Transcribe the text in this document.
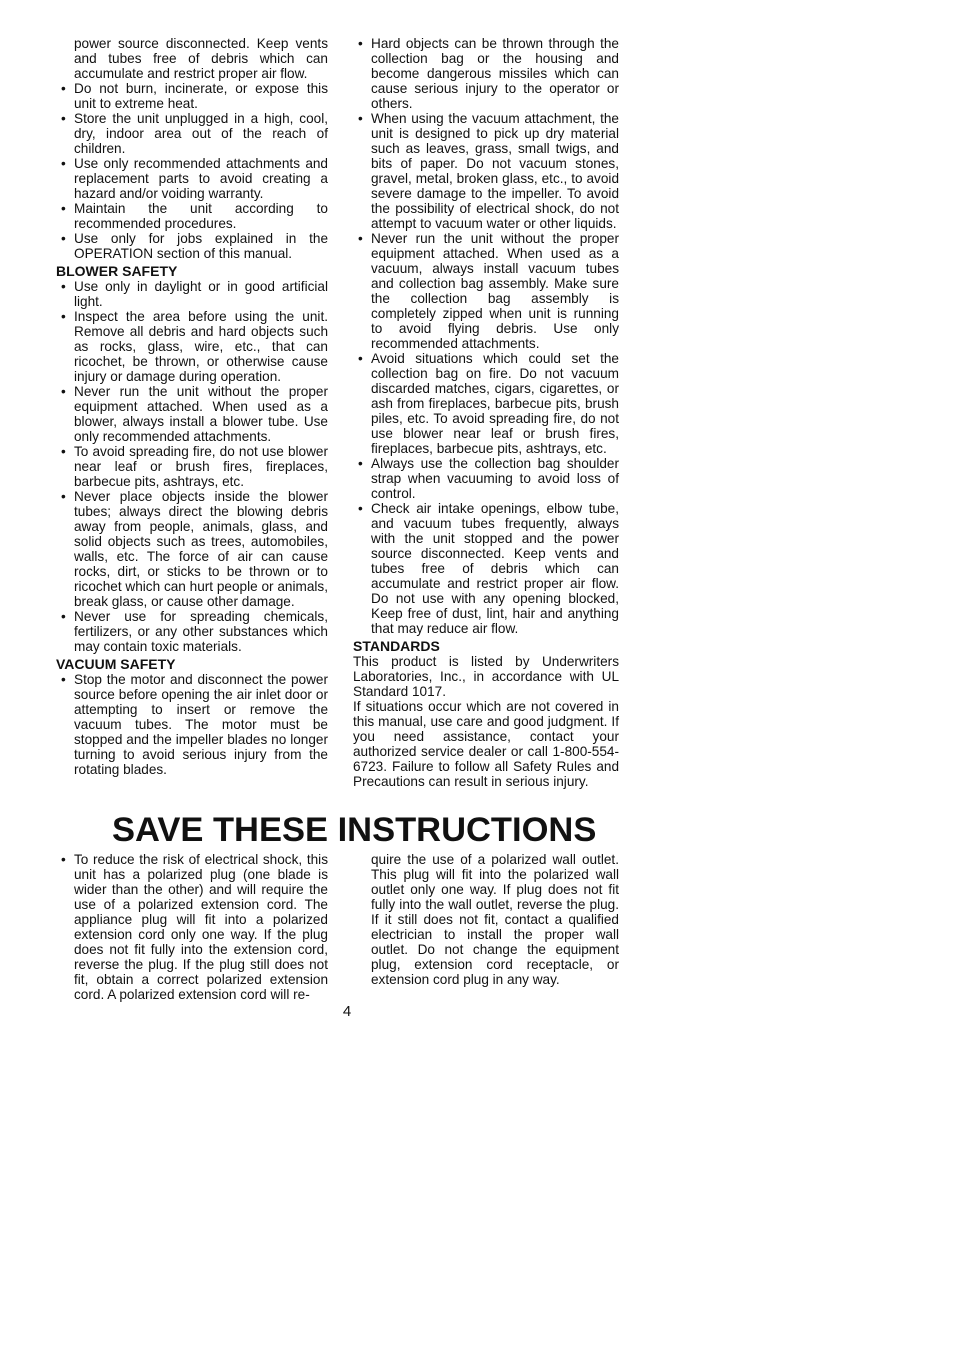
power source disconnected. Keep vents and tubes free of debris which can accumulate and restrict proper air flow.

• Do not burn, incinerate, or expose this unit to extreme heat.
• Store the unit unplugged in a high, cool, dry, indoor area out of the reach of children.
• Use only recommended attachments and replacement parts to avoid creating a hazard and/or voiding warranty.
• Maintain the unit according to recommended procedures.
• Use only for jobs explained in the OPERATION section of this manual.
BLOWER SAFETY
• Use only in daylight or in good artificial light.
• Inspect the area before using the unit. Remove all debris and hard objects such as rocks, glass, wire, etc., that can ricochet, be thrown, or otherwise cause injury or damage during operation.
• Never run the unit without the proper equipment attached. When used as a blower, always install a blower tube. Use only recommended attachments.
• To avoid spreading fire, do not use blower near leaf or brush fires, fireplaces, barbecue pits, ashtrays, etc.
• Never place objects inside the blower tubes; always direct the blowing debris away from people, animals, glass, and solid objects such as trees, automobiles, walls, etc. The force of air can cause rocks, dirt, or sticks to be thrown or to ricochet which can hurt people or animals, break glass, or cause other damage.
• Never use for spreading chemicals, fertilizers, or any other substances which may contain toxic materials.
VACUUM SAFETY
• Stop the motor and disconnect the power source before opening the air inlet door or attempting to insert or remove the vacuum tubes. The motor must be stopped and the impeller blades no longer turning to avoid serious injury from the rotating blades.
• Hard objects can be thrown through the collection bag or the housing and become dangerous missiles which can cause serious injury to the operator or others.
• When using the vacuum attachment, the unit is designed to pick up dry material such as leaves, grass, small twigs, and bits of paper. Do not vacuum stones, gravel, metal, broken glass, etc., to avoid severe damage to the impeller. To avoid the possibility of electrical shock, do not attempt to vacuum water or other liquids.
• Never run the unit without the proper equipment attached. When used as a vacuum, always install vacuum tubes and collection bag assembly. Make sure the collection bag assembly is completely zipped when unit is running to avoid flying debris. Use only recommended attachments.
• Avoid situations which could set the collection bag on fire. Do not vacuum discarded matches, cigars, cigarettes, or ash from fireplaces, barbecue pits, brush piles, etc. To avoid spreading fire, do not use blower near leaf or brush fires, fireplaces, barbecue pits, ashtrays, etc.
• Always use the collection bag shoulder strap when vacuuming to avoid loss of control.
• Check air intake openings, elbow tube, and vacuum tubes frequently, always with the unit stopped and the power source disconnected. Keep vents and tubes free of debris which can accumulate and restrict proper air flow. Do not use with any opening blocked, Keep free of dust, lint, hair and anything that may reduce air flow.
STANDARDS

This product is listed by Underwriters Laboratories, Inc., in accordance with UL Standard 1017.

If situations occur which are not covered in this manual, use care and good judgment. If you need assistance, contact your authorized service dealer or call 1-800-554-6723. Failure to follow all Safety Rules and Precautions can result in serious injury.

SAVE THESE INSTRUCTIONS
• To reduce the risk of electrical shock, this unit has a polarized plug (one blade is wider than the other) and will require the use of a polarized extension cord. The appliance plug will fit into a polarized extension cord only one way. If the plug does not fit fully into the extension cord, reverse the plug. If the plug still does not fit, obtain a correct polarized extension cord. A polarized extension cord will re-

quire the use of a polarized wall outlet. This plug will fit into the polarized wall outlet only one way. If plug does not fit fully into the wall outlet, reverse the plug. If it still does not fit, contact a qualified electrician to install the proper wall outlet. Do not change the equipment plug, extension cord receptacle, or extension cord plug in any way.

4
